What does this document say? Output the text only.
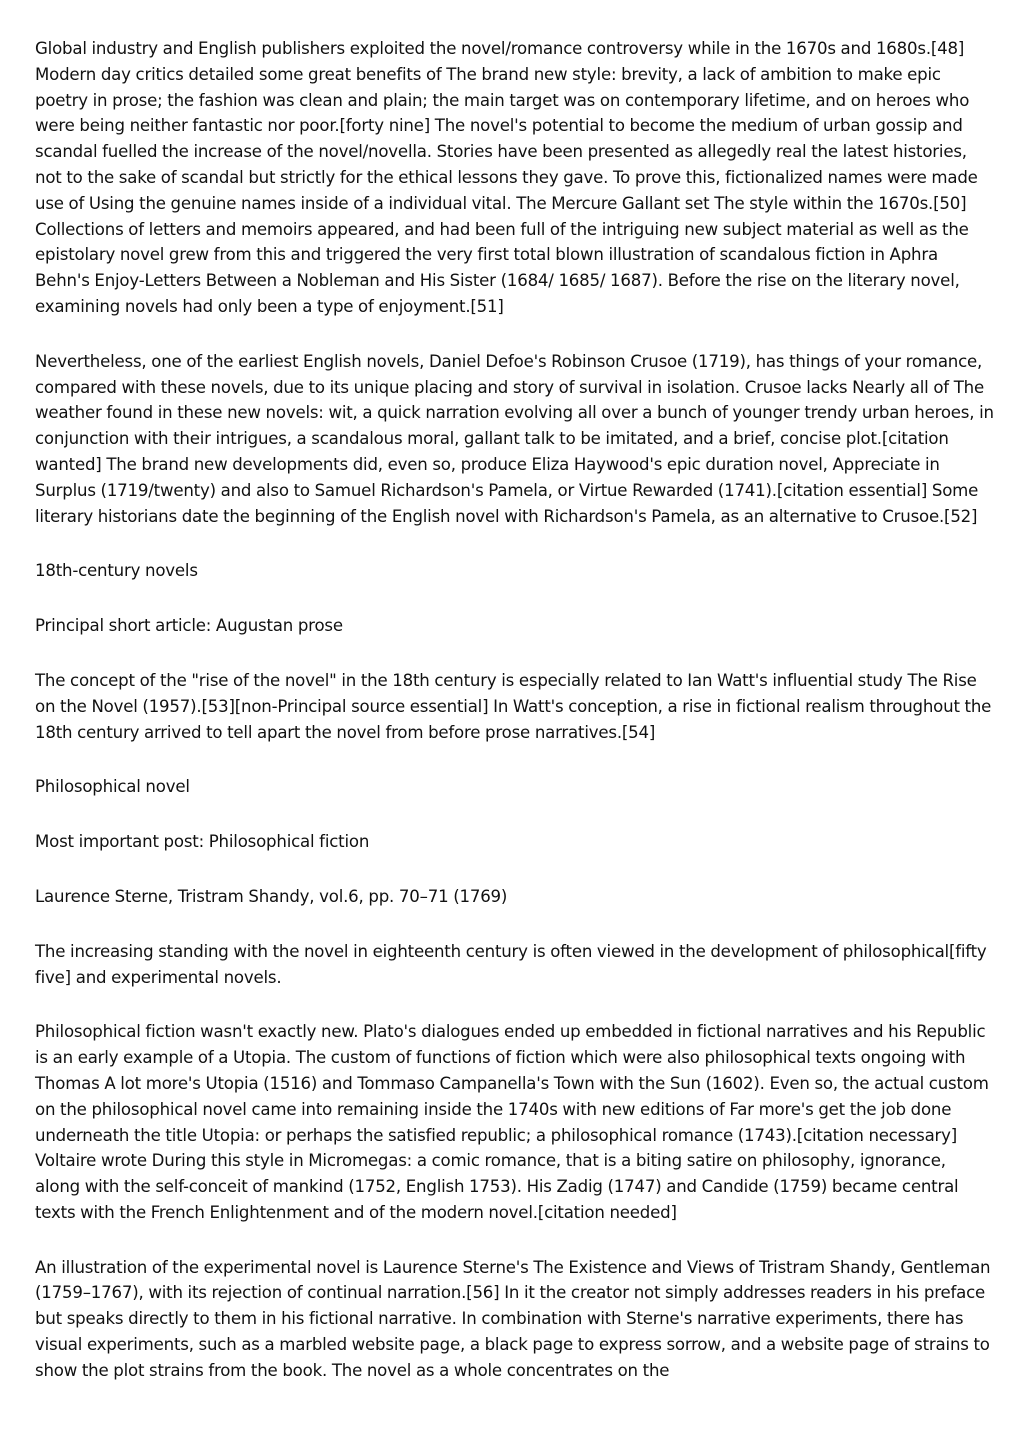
Global industry and English publishers exploited the novel/romance controversy while in the 1670s and 1680s.[48] Modern day critics detailed some great benefits of The brand new style: brevity, a lack of ambition to make epic poetry in prose; the fashion was clean and plain; the main target was on contemporary lifetime, and on heroes who were being neither fantastic nor poor.[forty nine] The novel's potential to become the medium of urban gossip and scandal fuelled the increase of the novel/novella. Stories have been presented as allegedly real the latest histories, not to the sake of scandal but strictly for the ethical lessons they gave. To prove this, fictionalized names were made use of Using the genuine names inside of a individual vital. The Mercure Gallant set The style within the 1670s.[50] Collections of letters and memoirs appeared, and had been full of the intriguing new subject material as well as the epistolary novel grew from this and triggered the very first total blown illustration of scandalous fiction in Aphra Behn's Enjoy-Letters Between a Nobleman and His Sister (1684/ 1685/ 1687). Before the rise on the literary novel, examining novels had only been a type of enjoyment.[51]

Nevertheless, one of the earliest English novels, Daniel Defoe's Robinson Crusoe (1719), has things of your romance, compared with these novels, due to its unique placing and story of survival in isolation. Crusoe lacks Nearly all of The weather found in these new novels: wit, a quick narration evolving all over a bunch of younger trendy urban heroes, in conjunction with their intrigues, a scandalous moral, gallant talk to be imitated, and a brief, concise plot.[citation wanted] The brand new developments did, even so, produce Eliza Haywood's epic duration novel, Appreciate in Surplus (1719/twenty) and also to Samuel Richardson's Pamela, or Virtue Rewarded (1741).[citation essential] Some literary historians date the beginning of the English novel with Richardson's Pamela, as an alternative to Crusoe.[52]

18th-century novels

Principal short article: Augustan prose

The concept of the "rise of the novel" in the 18th century is especially related to Ian Watt's influential study The Rise on the Novel (1957).[53][non-Principal source essential] In Watt's conception, a rise in fictional realism throughout the 18th century arrived to tell apart the novel from before prose narratives.[54]

Philosophical novel

Most important post: Philosophical fiction

Laurence Sterne, Tristram Shandy, vol.6, pp. 70–71 (1769)

The increasing standing with the novel in eighteenth century is often viewed in the development of philosophical[fifty five] and experimental novels.

Philosophical fiction wasn't exactly new. Plato's dialogues ended up embedded in fictional narratives and his Republic is an early example of a Utopia. The custom of functions of fiction which were also philosophical texts ongoing with Thomas A lot more's Utopia (1516) and Tommaso Campanella's Town with the Sun (1602). Even so, the actual custom on the philosophical novel came into remaining inside the 1740s with new editions of Far more's get the job done underneath the title Utopia: or perhaps the satisfied republic; a philosophical romance (1743).[citation necessary] Voltaire wrote During this style in Micromegas: a comic romance, that is a biting satire on philosophy, ignorance, along with the self-conceit of mankind (1752, English 1753). His Zadig (1747) and Candide (1759) became central texts with the French Enlightenment and of the modern novel.[citation needed]

An illustration of the experimental novel is Laurence Sterne's The Existence and Views of Tristram Shandy, Gentleman (1759–1767), with its rejection of continual narration.[56] In it the creator not simply addresses readers in his preface but speaks directly to them in his fictional narrative. In combination with Sterne's narrative experiments, there has visual experiments, such as a marbled website page, a black page to express sorrow, and a website page of strains to show the plot strains from the book. The novel as a whole concentrates on the
